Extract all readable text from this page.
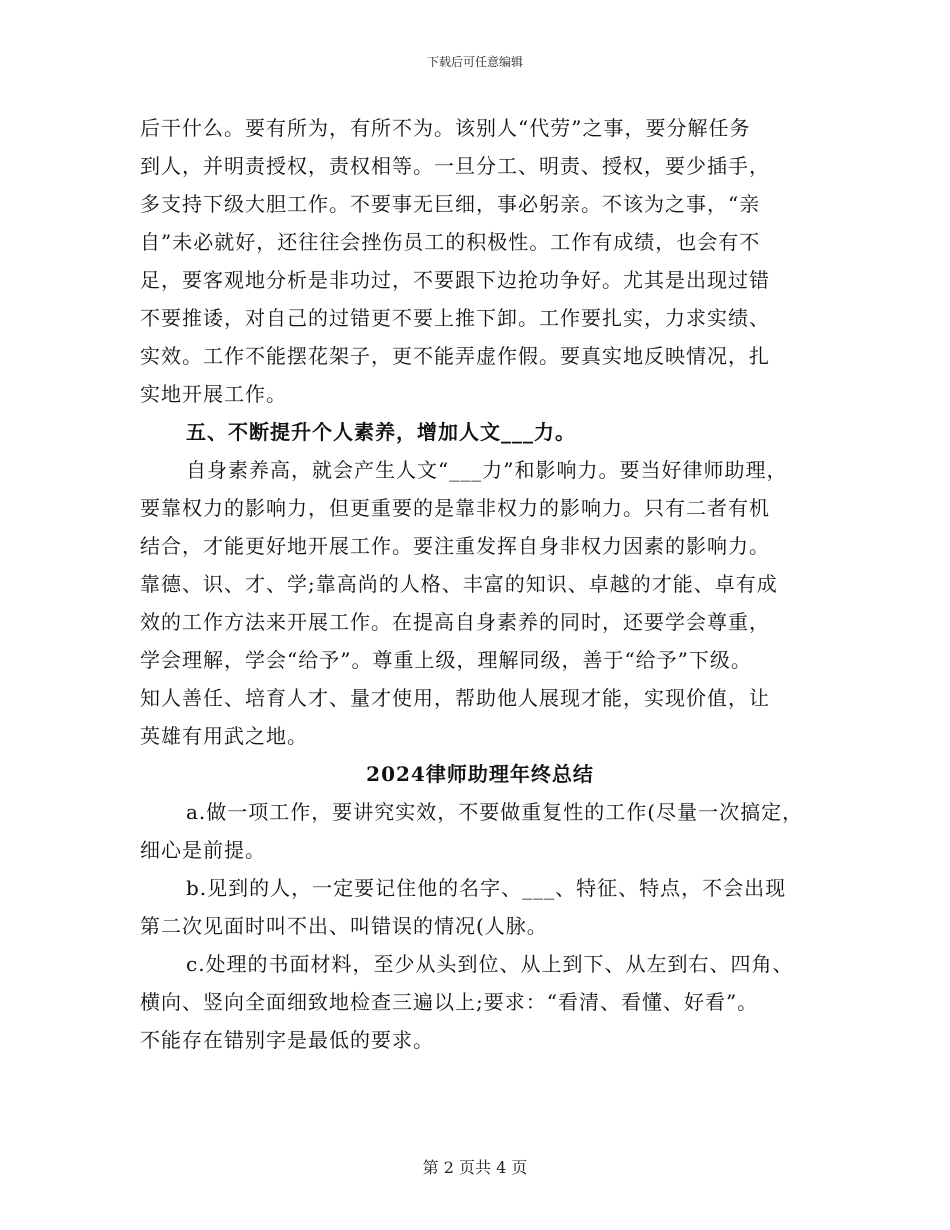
下载后可任意编辑
后干什么。要有所为，有所不为。该别人“代劳”之事，要分解任务
到人，并明责授权，责权相等。一旦分工、明责、授权，要少插手，
多支持下级大胆工作。不要事无巨细，事必躬亲。不该为之事，“亲
自”未必就好，还往往会挫伤员工的积极性。工作有成绩，也会有不
足，要客观地分析是非功过，不要跟下边抢功争好。尤其是出现过错
不要推诿，对自己的过错更不要上推下卸。工作要扎实，力求实绩、
实效。工作不能摆花架子，更不能弄虚作假。要真实地反映情况，扎
实地开展工作。
五、不断提升个人素养，增加人文___力。
自身素养高，就会产生人文“___力”和影响力。要当好律师助理，
要靠权力的影响力，但更重要的是靠非权力的影响力。只有二者有机
结合，才能更好地开展工作。要注重发挥自身非权力因素的影响力。
靠德、识、才、学;靠高尚的人格、丰富的知识、卓越的才能、卓有成
效的工作方法来开展工作。在提高自身素养的同时，还要学会尊重，
学会理解，学会“给予”。尊重上级，理解同级，善于“给予”下级。
知人善任、培育人才、量才使用，帮助他人展现才能，实现价值，让
英雄有用武之地。
2024律师助理年终总结
a.做一项工作，要讲究实效，不要做重复性的工作(尽量一次搞定，
细心是前提。
b.见到的人，一定要记住他的名字、___、特征、特点，不会出现
第二次见面时叫不出、叫错误的情况(人脉。
c.处理的书面材料，至少从头到位、从上到下、从左到右、四角、
横向、竖向全面细致地检查三遍以上;要求：“看清、看懂、好看”。
不能存在错别字是最低的要求。
第 2 页共 4 页
